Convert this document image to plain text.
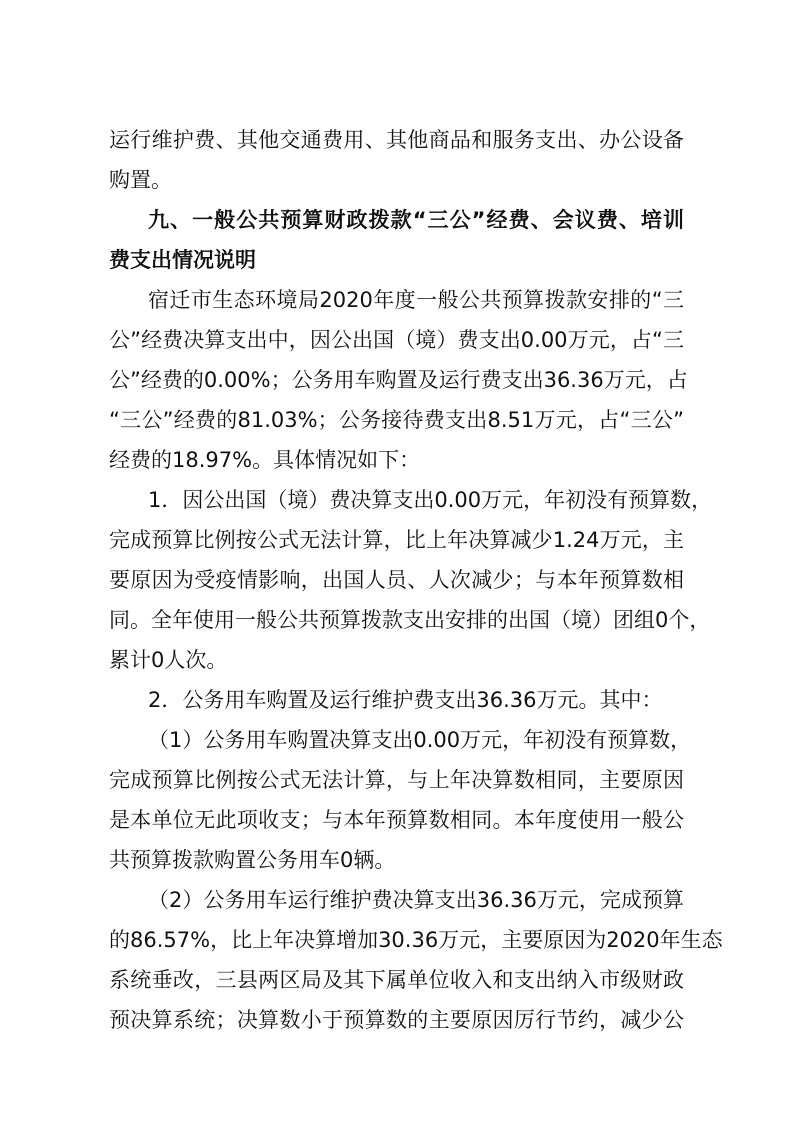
运行维护费、其他交通费用、其他商品和服务支出、办公设备
购置。
九、一般公共预算财政拨款“三公”经费、会议费、培训
费支出情况说明
宿迁市生态环境局2020年度一般公共预算拨款安排的“三
公”经费决算支出中，因公出国（境）费支出0.00万元，占“三
公”经费的0.00%；公务用车购置及运行费支出36.36万元，占
“三公”经费的81.03%；公务接待费支出8.51万元，占“三公”
经费的18.97%。具体情况如下：
1．因公出国（境）费决算支出0.00万元，年初没有预算数，
完成预算比例按公式无法计算，比上年决算减少1.24万元，主
要原因为受疫情影响，出国人员、人次减少；与本年预算数相
同。全年使用一般公共预算拨款支出安排的出国（境）团组0个，
累计0人次。
2．公务用车购置及运行维护费支出36.36万元。其中：
（1）公务用车购置决算支出0.00万元，年初没有预算数，
完成预算比例按公式无法计算，与上年决算数相同，主要原因
是本单位无此项收支；与本年预算数相同。本年度使用一般公
共预算拨款购置公务用车0辆。
（2）公务用车运行维护费决算支出36.36万元，完成预算
的86.57%，比上年决算增加30.36万元，主要原因为2020年生态
系统垂改，三县两区局及其下属单位收入和支出纳入市级财政
预决算系统；决算数小于预算数的主要原因厉行节约，减少公
